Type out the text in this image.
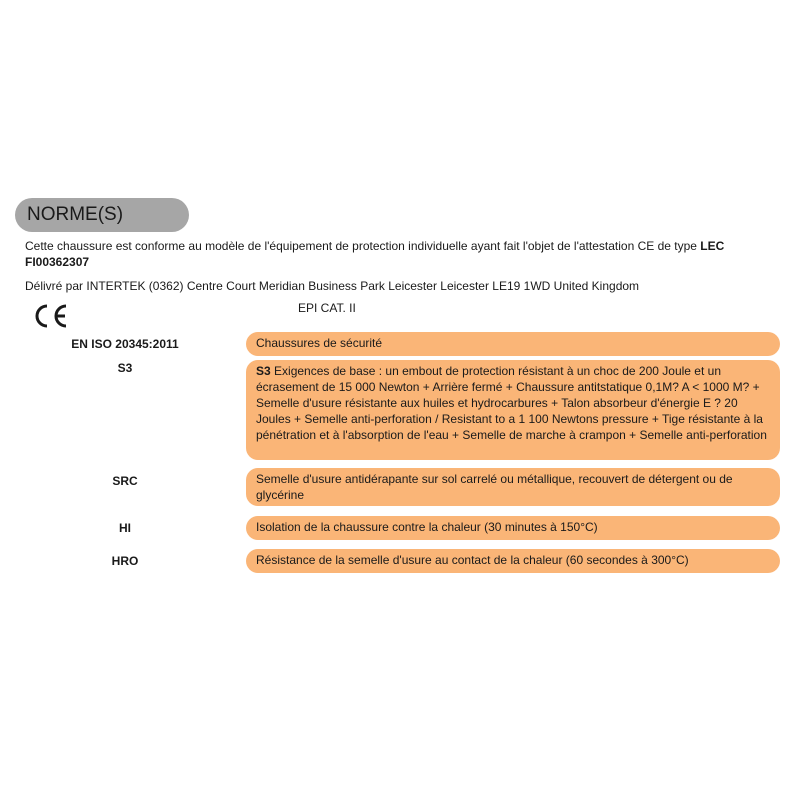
NORME(S)
Cette chaussure est conforme au modèle de l'équipement de protection individuelle ayant fait l'objet de l'attestation CE de type LEC FI00362307
Délivré par INTERTEK (0362) Centre Court Meridian Business Park Leicester Leicester LE19 1WD United Kingdom
EPI CAT. II
EN ISO 20345:2011	Chaussures de sécurité
S3	S3 Exigences de base : un embout de protection résistant à un choc de 200 Joule et un écrasement de 15 000 Newton + Arrière fermé + Chaussure antitstatique 0,1M? A < 1000 M? + Semelle d'usure résistante aux huiles et hydrocarbures + Talon absorbeur d'énergie E ? 20 Joules + Semelle anti-perforation / Resistant to a 1 100 Newtons pressure + Tige résistante à la pénétration et à l'absorption de l'eau + Semelle de marche à crampon + Semelle anti-perforation
SRC	Semelle d'usure antidérapante sur sol carrelé ou métallique, recouvert de détergent ou de glycérine
HI	Isolation de la chaussure contre la chaleur (30 minutes à 150°C)
HRO	Résistance de la semelle d'usure au contact de la chaleur (60 secondes à 300°C)
